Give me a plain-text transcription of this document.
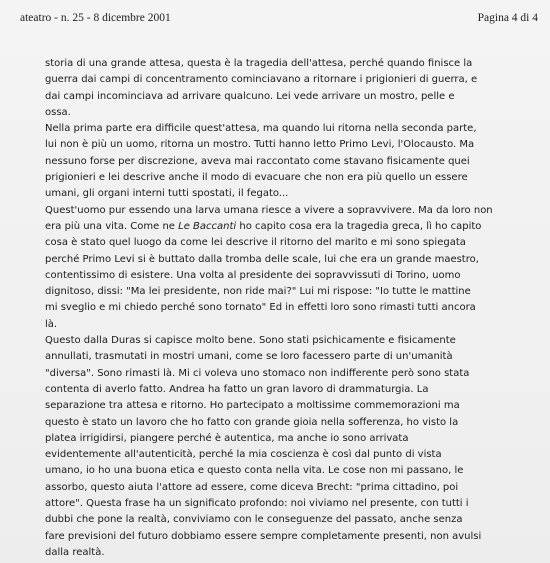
ateatro - n. 25 - 8 dicembre 2001	Pagina 4 di 4
storia di una grande attesa, questa è la tragedia dell'attesa, perché quando finisce la
guerra dai campi di concentramento cominciavano a ritornare i prigionieri di guerra, e
dai campi incominciava ad arrivare qualcuno. Lei vede arrivare un mostro, pelle e
ossa.
Nella prima parte era difficile quest'attesa, ma quando lui ritorna nella seconda parte,
lui non è più un uomo, ritorna un mostro. Tutti hanno letto Primo Levi, l'Olocausto. Ma
nessuno forse per discrezione, aveva mai raccontato come stavano fisicamente quei
prigionieri e lei descrive anche il modo di evacuare che non era più quello un essere
umani, gli organi interni tutti spostati, il fegato...
Quest'uomo pur essendo una larva umana riesce a vivere a sopravvivere. Ma da loro non
era più una vita. Come ne Le Baccanti ho capito cosa era la tragedia greca, lì ho capito
cosa è stato quel luogo da come lei descrive il ritorno del marito e mi sono spiegata
perché Primo Levi si è buttato dalla tromba delle scale, lui che era un grande maestro,
contentissimo di esistere. Una volta al presidente dei sopravvissuti di Torino, uomo
dignitoso, dissi: "Ma lei presidente, non ride mai?" Lui mi rispose: "Io tutte le mattine
mi sveglio e mi chiedo perché sono tornato" Ed in effetti loro sono rimasti tutti ancora
là.
Questo dalla Duras si capisce molto bene. Sono stati psichicamente e fisicamente
annullati, trasmutati in mostri umani, come se loro facessero parte di un'umanità
"diversa". Sono rimasti là. Mi ci voleva uno stomaco non indifferente però sono stata
contenta di averlo fatto. Andrea ha fatto un gran lavoro di drammaturgia. La
separazione tra attesa e ritorno. Ho partecipato a moltissime commemorazioni ma
questo è stato un lavoro che ho fatto con grande gioia nella sofferenza, ho visto la
platea irrigidirsi, piangere perché è autentica, ma anche io sono arrivata
evidentemente all'autenticità, perché la mia coscienza è così dal punto di vista
umano, io ho una buona etica e questo conta nella vita. Le cose non mi passano, le
assorbo, questo aiuta l'attore ad essere, come diceva Brecht: "prima cittadino, poi
attore". Questa frase ha un significato profondo: noi viviamo nel presente, con tutti i
dubbi che pone la realtà, conviviamo con le conseguenze del passato, anche senza
fare previsioni del futuro dobbiamo essere sempre completamente presenti, non avulsi
dalla realtà.
